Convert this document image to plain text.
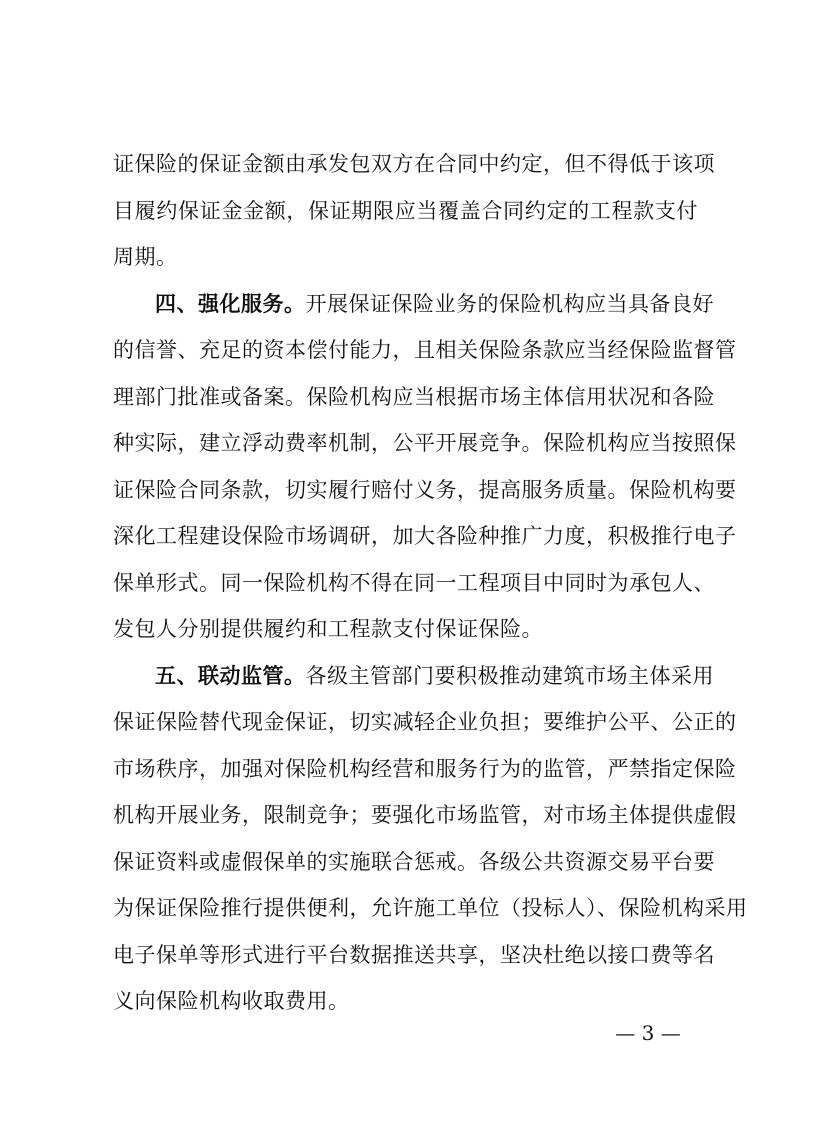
证保险的保证金额由承发包双方在合同中约定，但不得低于该项
目履约保证金金额，保证期限应当覆盖合同约定的工程款支付
周期。
四、强化服务。开展保证保险业务的保险机构应当具备良好
的信誉、充足的资本偿付能力，且相关保险条款应当经保险监督管
理部门批准或备案。保险机构应当根据市场主体信用状况和各险
种实际，建立浮动费率机制，公平开展竞争。保险机构应当按照保
证保险合同条款，切实履行赔付义务，提高服务质量。保险机构要
深化工程建设保险市场调研，加大各险种推广力度，积极推行电子
保单形式。同一保险机构不得在同一工程项目中同时为承包人、
发包人分别提供履约和工程款支付保证保险。
五、联动监管。各级主管部门要积极推动建筑市场主体采用
保证保险替代现金保证，切实减轻企业负担；要维护公平、公正的
市场秩序，加强对保险机构经营和服务行为的监管，严禁指定保险
机构开展业务，限制竞争；要强化市场监管，对市场主体提供虚假
保证资料或虚假保单的实施联合惩戒。各级公共资源交易平台要
为保证保险推行提供便利，允许施工单位（投标人）、保险机构采用
电子保单等形式进行平台数据推送共享，坚决杜绝以接口费等名
义向保险机构收取费用。
— 3 —
